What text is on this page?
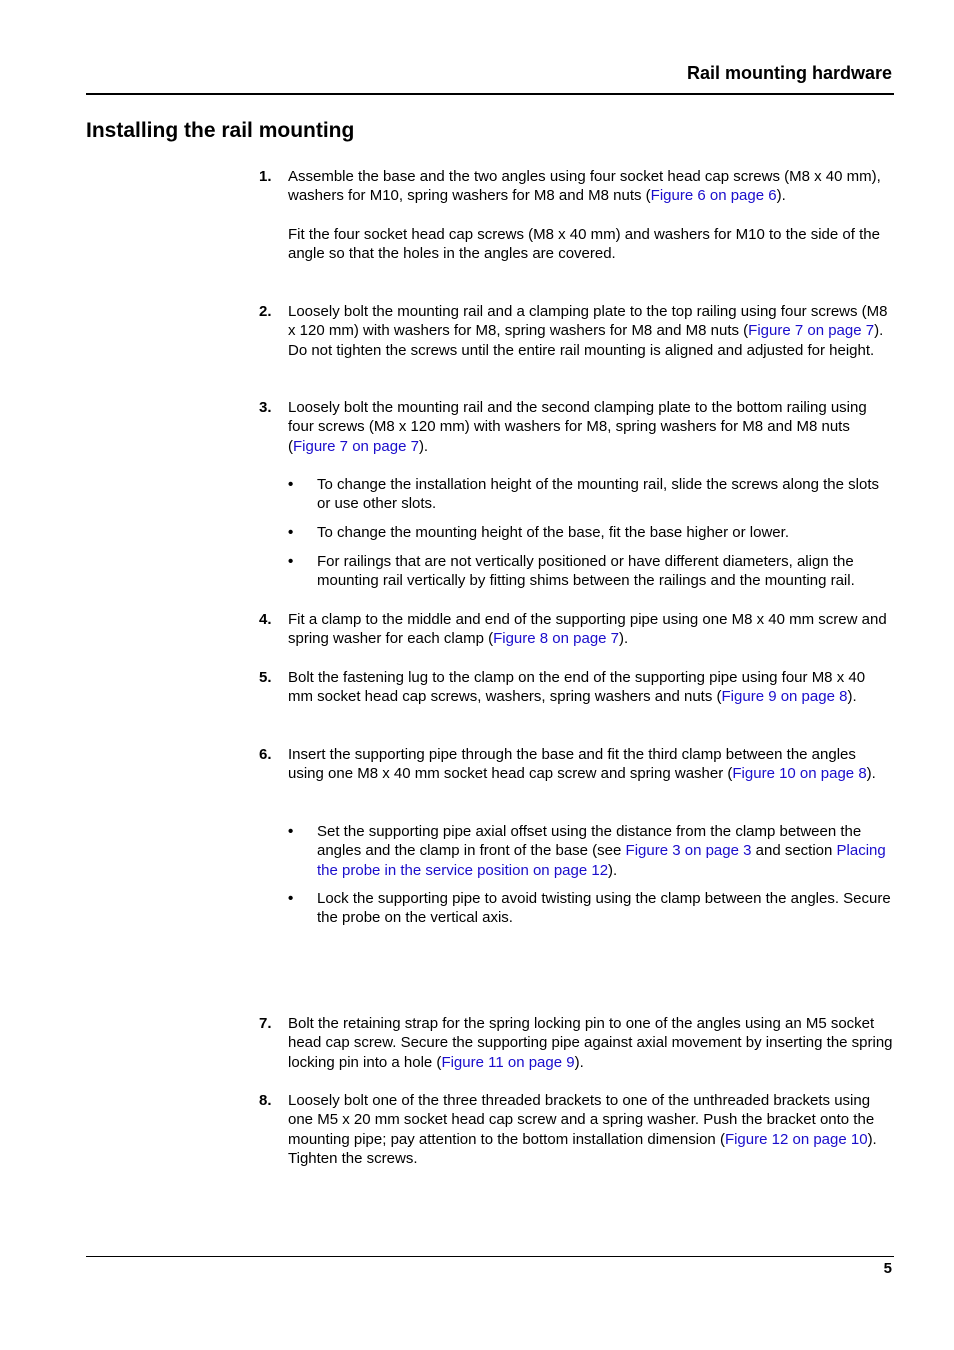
Rail mounting hardware
Installing the rail mounting
1. Assemble the base and the two angles using four socket head cap screws (M8 x 40 mm), washers for M10, spring washers for M8 and M8 nuts (Figure 6 on page 6).
Fit the four socket head cap screws (M8 x 40 mm) and washers for M10 to the side of the angle so that the holes in the angles are covered.
2. Loosely bolt the mounting rail and a clamping plate to the top railing using four screws (M8 x 120 mm) with washers for M8, spring washers for M8 and M8 nuts (Figure 7 on page 7). Do not tighten the screws until the entire rail mounting is aligned and adjusted for height.
3. Loosely bolt the mounting rail and the second clamping plate to the bottom railing using four screws (M8 x 120 mm) with washers for M8, spring washers for M8 and M8 nuts (Figure 7 on page 7).
• To change the installation height of the mounting rail, slide the screws along the slots or use other slots.
• To change the mounting height of the base, fit the base higher or lower.
• For railings that are not vertically positioned or have different diameters, align the mounting rail vertically by fitting shims between the railings and the mounting rail.
4. Fit a clamp to the middle and end of the supporting pipe using one M8 x 40 mm screw and spring washer for each clamp (Figure 8 on page 7).
5. Bolt the fastening lug to the clamp on the end of the supporting pipe using four M8 x 40 mm socket head cap screws, washers, spring washers and nuts (Figure 9 on page 8).
6. Insert the supporting pipe through the base and fit the third clamp between the angles using one M8 x 40 mm socket head cap screw and spring washer (Figure 10 on page 8).
• Set the supporting pipe axial offset using the distance from the clamp between the angles and the clamp in front of the base (see Figure 3 on page 3 and section Placing the probe in the service position on page 12).
• Lock the supporting pipe to avoid twisting using the clamp between the angles. Secure the probe on the vertical axis.
7. Bolt the retaining strap for the spring locking pin to one of the angles using an M5 socket head cap screw. Secure the supporting pipe against axial movement by inserting the spring locking pin into a hole (Figure 11 on page 9).
8. Loosely bolt one of the three threaded brackets to one of the unthreaded brackets using one M5 x 20 mm socket head cap screw and a spring washer. Push the bracket onto the mounting pipe; pay attention to the bottom installation dimension (Figure 12 on page 10). Tighten the screws.
5
